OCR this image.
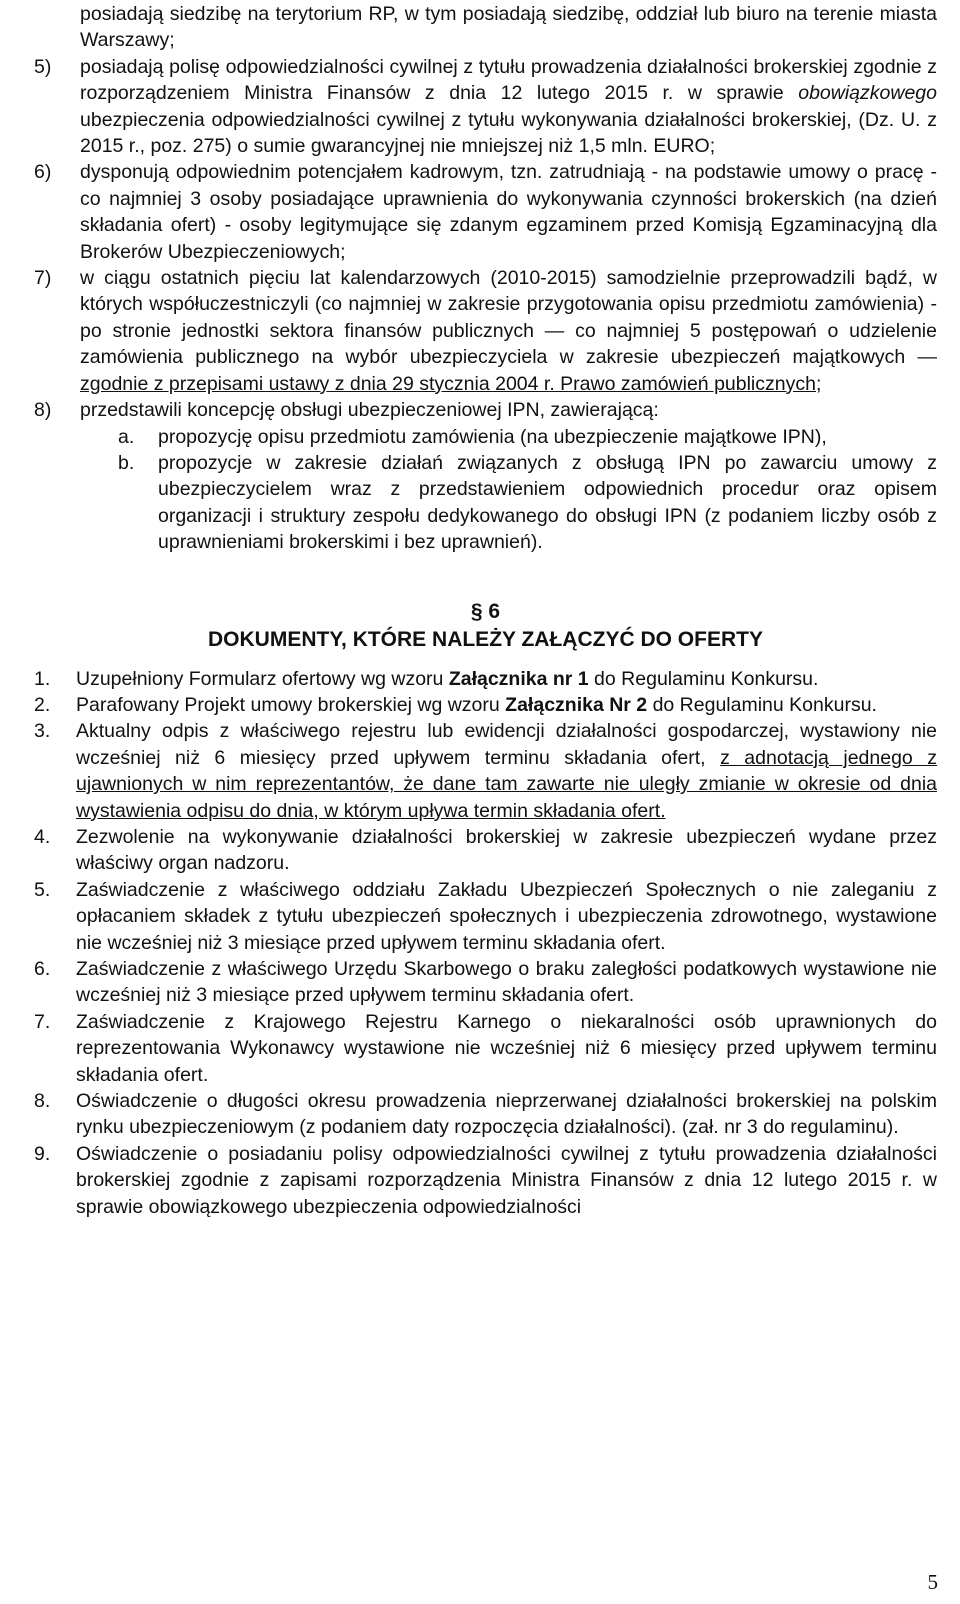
posiadają siedzibę na terytorium RP, w tym posiadają siedzibę, oddział lub biuro na terenie miasta Warszawy;

5) posiadają polisę odpowiedzialności cywilnej z tytułu prowadzenia działalności brokerskiej zgodnie z rozporządzeniem Ministra Finansów z dnia 12 lutego 2015 r. w sprawie obowiązkowego ubezpieczenia odpowiedzialności cywilnej z tytułu wykonywania działalności brokerskiej, (Dz. U. z 2015 r., poz. 275) o sumie gwarancyjnej nie mniejszej niż 1,5 mln. EURO;

6) dysponują odpowiednim potencjałem kadrowym, tzn. zatrudniają - na podstawie umowy o pracę - co najmniej 3 osoby posiadające uprawnienia do wykonywania czynności brokerskich (na dzień składania ofert) - osoby legitymujące się zdanym egzaminem przed Komisją Egzaminacyjną dla Brokerów Ubezpieczeniowych;

7) w ciągu ostatnich pięciu lat kalendarzowych (2010-2015) samodzielnie przeprowadzili bądź, w których współuczestniczyli (co najmniej w zakresie przygotowania opisu przedmiotu zamówienia) - po stronie jednostki sektora finansów publicznych — co najmniej 5 postępowań o udzielenie zamówienia publicznego na wybór ubezpieczyciela w zakresie ubezpieczeń majątkowych — zgodnie z przepisami ustawy z dnia 29 stycznia 2004 r. Prawo zamówień publicznych;

8) przedstawili koncepcję obsługi ubezpieczeniowej IPN, zawierającą:

a. propozycję opisu przedmiotu zamówienia (na ubezpieczenie majątkowe IPN),

b. propozycje w zakresie działań związanych z obsługą IPN po zawarciu umowy z ubezpieczycielem wraz z przedstawieniem odpowiednich procedur oraz opisem organizacji i struktury zespołu dedykowanego do obsługi IPN (z podaniem liczby osób z uprawnieniami brokerskimi i bez uprawnień).

§ 6

DOKUMENTY, KTÓRE NALEŻY ZAŁĄCZYĆ DO OFERTY

1. Uzupełniony Formularz ofertowy wg wzoru Załącznika nr 1 do Regulaminu Konkursu.

2. Parafowany Projekt umowy brokerskiej wg wzoru Załącznika Nr 2 do Regulaminu Konkursu.

3. Aktualny odpis z właściwego rejestru lub ewidencji działalności gospodarczej, wystawiony nie wcześniej niż 6 miesięcy przed upływem terminu składania ofert, z adnotacją jednego z ujawnionych w nim reprezentantów, że dane tam zawarte nie uległy zmianie w okresie od dnia wystawienia odpisu do dnia, w którym upływa termin składania ofert.

4. Zezwolenie na wykonywanie działalności brokerskiej w zakresie ubezpieczeń wydane przez właściwy organ nadzoru.

5. Zaświadczenie z właściwego oddziału Zakładu Ubezpieczeń Społecznych o nie zaleganiu z opłacaniem składek z tytułu ubezpieczeń społecznych i ubezpieczenia zdrowotnego, wystawione nie wcześniej niż 3 miesiące przed upływem terminu składania ofert.

6. Zaświadczenie z właściwego Urzędu Skarbowego o braku zaległości podatkowych wystawione nie wcześniej niż 3 miesiące przed upływem terminu składania ofert.

7. Zaświadczenie z Krajowego Rejestru Karnego o niekaralności osób uprawnionych do reprezentowania Wykonawcy wystawione nie wcześniej niż 6 miesięcy przed upływem terminu składania ofert.

8. Oświadczenie o długości okresu prowadzenia nieprzerwanej działalności brokerskiej na polskim rynku ubezpieczeniowym (z podaniem daty rozpoczęcia działalności). (zał. nr 3 do regulaminu).

9. Oświadczenie o posiadaniu polisy odpowiedzialności cywilnej z tytułu prowadzenia działalności brokerskiej zgodnie z zapisami rozporządzenia Ministra Finansów z dnia 12 lutego 2015 r. w sprawie obowiązkowego ubezpieczenia odpowiedzialności

5
